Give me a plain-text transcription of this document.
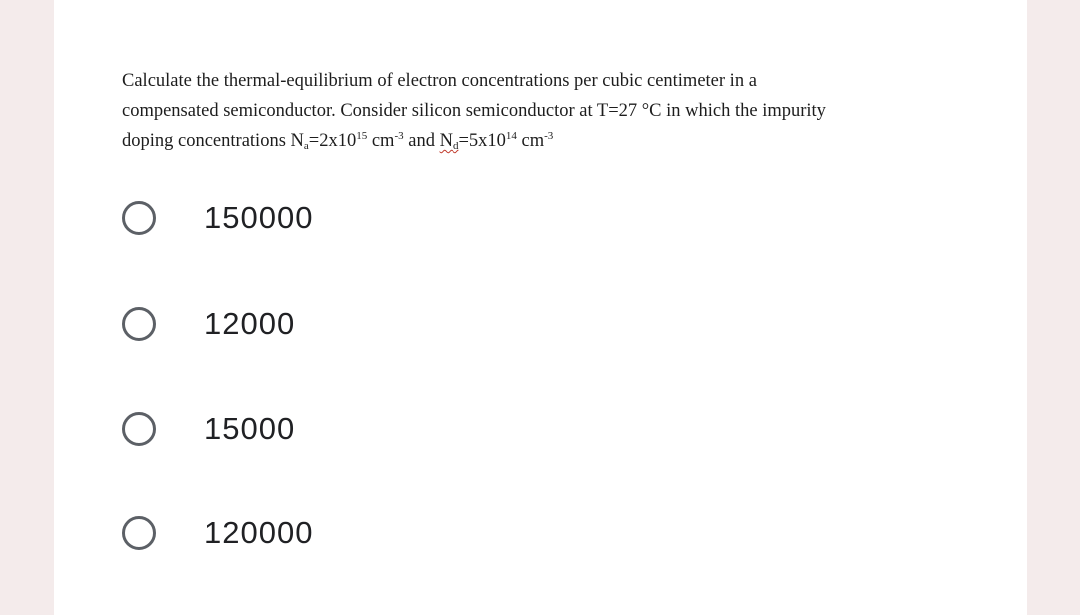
Calculate the thermal-equilibrium of electron concentrations per cubic centimeter in a
compensated semiconductor. Consider silicon semiconductor at T=27 °C in which the impurity
doping concentrations $N_a=2x10^{15}$ $cm^{-3}$ and $N_d=5x10^{14}$ $cm^{-3}$
150000
12000
15000
120000
